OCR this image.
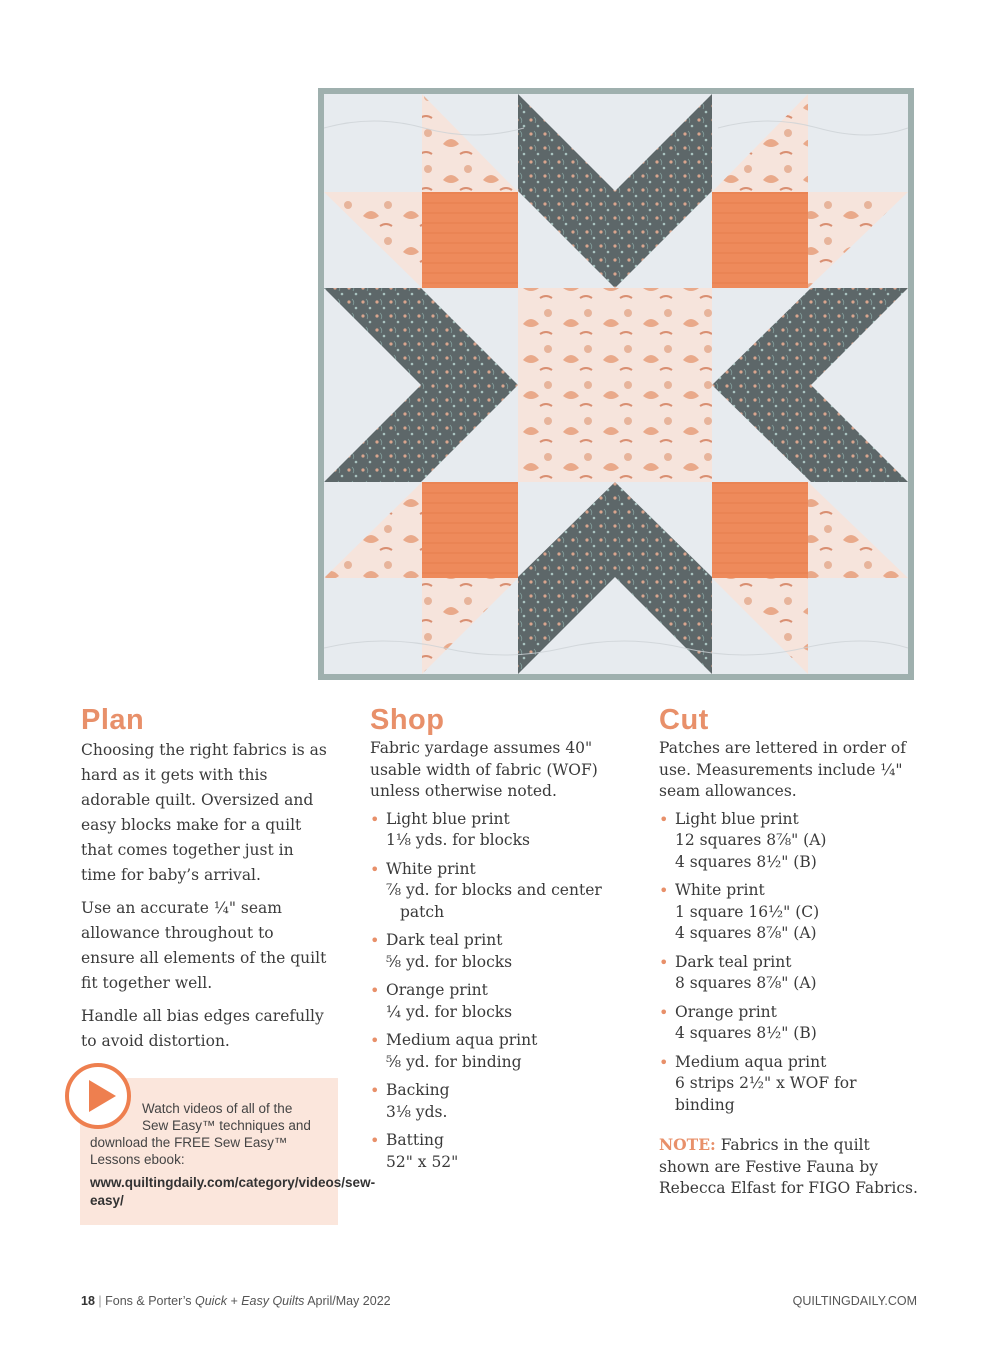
Plan

Choosing the right fabrics is as hard as it gets with this adorable quilt. Oversized and easy blocks make for a quilt that comes together just in time for baby’s arrival.

Use an accurate ¼" seam allowance throughout to ensure all elements of the quilt fit together well.

Handle all bias edges carefully to avoid distortion.

Watch videos of all of the
Sew Easy™ techniques and download the FREE Sew Easy™ Lessons ebook:
www.quiltingdaily.com/category/videos/sew-easy/
Shop

Fabric yardage assumes 40" usable width of fabric (WOF) unless otherwise noted.

• Light blue print
1⅛ yds. for blocks
• White print
⅞ yd. for blocks and center
patch
• Dark teal print
⅝ yd. for blocks
• Orange print
¼ yd. for blocks
• Medium aqua print
⅝ yd. for binding
• Backing
3⅛ yds.
• Batting
52" x 52"
Cut

Patches are lettered in order of use. Measurements include ¼" seam allowances.

• Light blue print
12 squares 8⅞" (A)
4 squares 8½" (B)
• White print
1 square 16½" (C)
4 squares 8⅞" (A)
• Dark teal print
8 squares 8⅞" (A)
• Orange print
4 squares 8½" (B)
• Medium aqua print
6 strips 2½" x WOF for binding

NOTE: Fabrics in the quilt shown are Festive Fauna by Rebecca Elfast for FIGO Fabrics.

18 | Fons & Porter’s Quick + Easy Quilts April/May 2022	QUILTINGDAILY.COM
